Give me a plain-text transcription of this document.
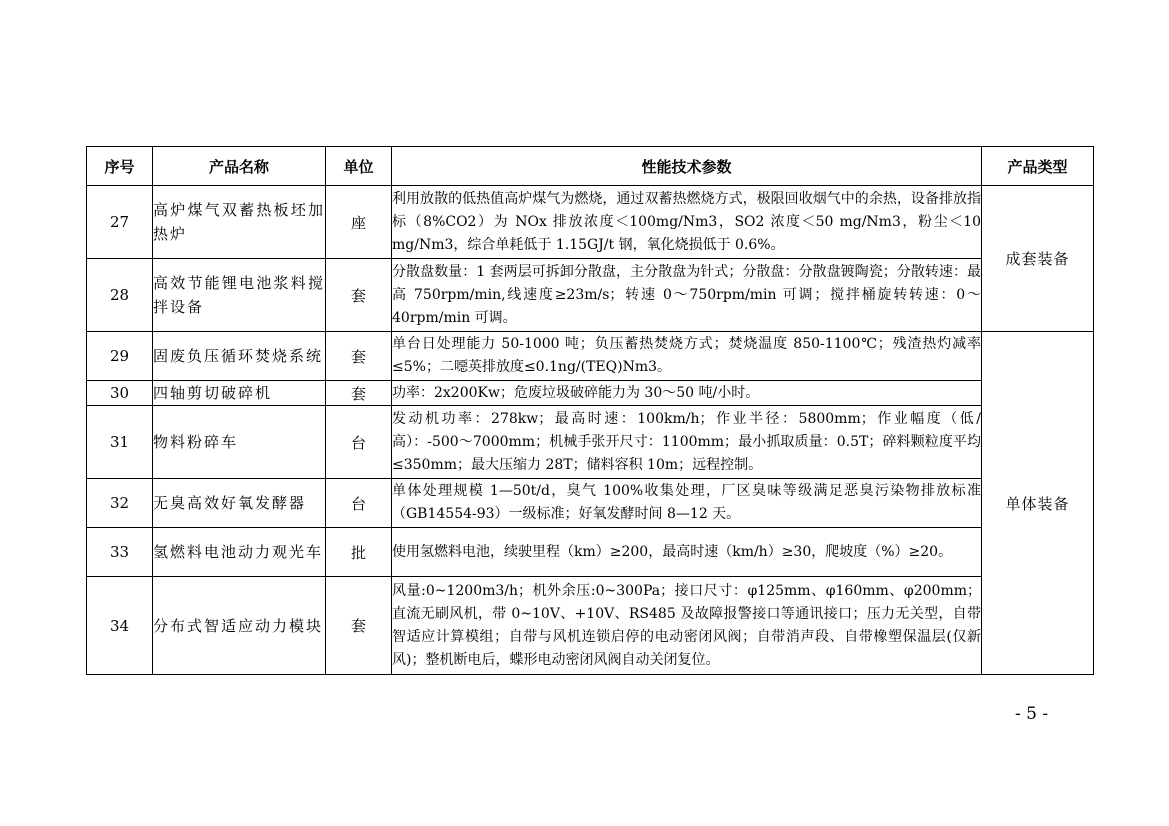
序号	产品名称	单位	性能技术参数	产品类型
27	高炉煤气双蓄热板坯加热炉	座	利用放散的低热值高炉煤气为燃烧，通过双蓄热燃烧方式，极限回收烟气中的余热，设备排放指标（8%CO2）为 NOx 排放浓度＜100mg/Nm3，SO2 浓度＜50 mg/Nm3，粉尘＜10 mg/Nm3，综合单耗低于 1.15GJ/t 钢，氧化烧损低于 0.6%。	成套装备
28	高效节能锂电池浆料搅拌设备	套	分散盘数量：1 套两层可拆卸分散盘，主分散盘为针式；分散盘：分散盘镀陶瓷；分散转速：最高 750rpm/min,线速度≥23m/s；转速 0～750rpm/min 可调；搅拌桶旋转转速：0～40rpm/min 可调。	
29	固废负压循环焚烧系统	套	单台日处理能力 50-1000 吨；负压蓄热焚烧方式；焚烧温度 850-1100℃；残渣热灼减率≤5%；二噁英排放度≤0.1ng/(TEQ)Nm3。	单体装备
30	四轴剪切破碎机	套	功率：2x200Kw；危废垃圾破碎能力为 30～50 吨/小时。	
31	物料粉碎车	台	发动机功率：278kw；最高时速：100km/h；作业半径：5800mm；作业幅度（低/高）：-500～7000mm；机械手张开尺寸：1100mm；最小抓取质量：0.5T；碎料颗粒度平均≤350mm；最大压缩力 28T；储料容积 10m；远程控制。	
32	无臭高效好氧发酵器	台	单体处理规模 1—50t/d，臭气 100%收集处理，厂区臭味等级满足恶臭污染物排放标准（GB14554-93）一级标准；好氧发酵时间 8—12 天。	
33	氢燃料电池动力观光车	批	使用氢燃料电池，续驶里程（km）≥200，最高时速（km/h）≥30，爬坡度（%）≥20。	
34	分布式智适应动力模块	套	风量:0~1200m3/h；机外余压:0~300Pa；接口尺寸：φ125mm、φ160mm、φ200mm；直流无刷风机，带 0~10V、+10V、RS485 及故障报警接口等通讯接口；压力无关型，自带智适应计算模组；自带与风机连锁启停的电动密闭风阀；自带消声段、自带橡塑保温层(仅新风)；整机断电后，蝶形电动密闭风阀自动关闭复位。	
- 5 -
